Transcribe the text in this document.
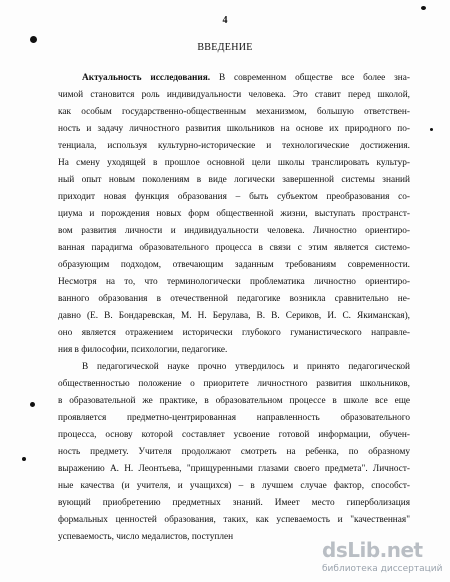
4
ВВЕДЕНИЕ
Актуальность исследования. В современном обществе все более зна-
чимой становится роль индивидуальности человека. Это ставит перед школой,
как особым государственно-общественным механизмом, большую ответствен-
ность и задачу личностного развития школьников на основе их природного по-
тенциала, используя культурно-исторические и технологические достижения.
На смену уходящей в прошлое основной цели школы транслировать культур-
ный опыт новым поколениям в виде логически завершенной системы знаний
приходит новая функция образования – быть субъектом преобразования со-
циума и порождения новых форм общественной жизни, выступать пространст-
вом развития личности и индивидуальности человека. Личностно ориентиро-
ванная парадигма образовательного процесса в связи с этим является системо-
образующим подходом, отвечающим заданным требованиям современности.
Несмотря на то, что терминологически проблематика личностно ориентиро-
ванного образования в отечественной педагогике возникла сравнительно не-
давно (Е. В. Бондаревская, М. Н. Берулава, В. В. Сериков, И. С. Якиманская),
оно является отражением исторически глубокого гуманистического направле-
ния в философии, психологии, педагогике.
В педагогической науке прочно утвердилось и принято педагогической
общественностью положение о приоритете личностного развития школьников,
в образовательной же практике, в образовательном процессе в школе все еще
проявляется предметно-центрированная направленность образовательного
процесса, основу которой составляет усвоение готовой информации, обучен-
ность предмету. Учителя продолжают смотреть на ребенка, по образному
выражению А. Н. Леонтьева, "прищуренными глазами своего предмета". Личност-
ные качества (и учителя, и учащихся) – в лучшем случае фактор, способст-
вующий приобретению предметных знаний. Имеет место гиперболизация
формальных ценностей образования, таких, как успеваемость и "качественная"
успеваемость, число медалистов, поступлен
dsLib.net
библиотека диссертаций
